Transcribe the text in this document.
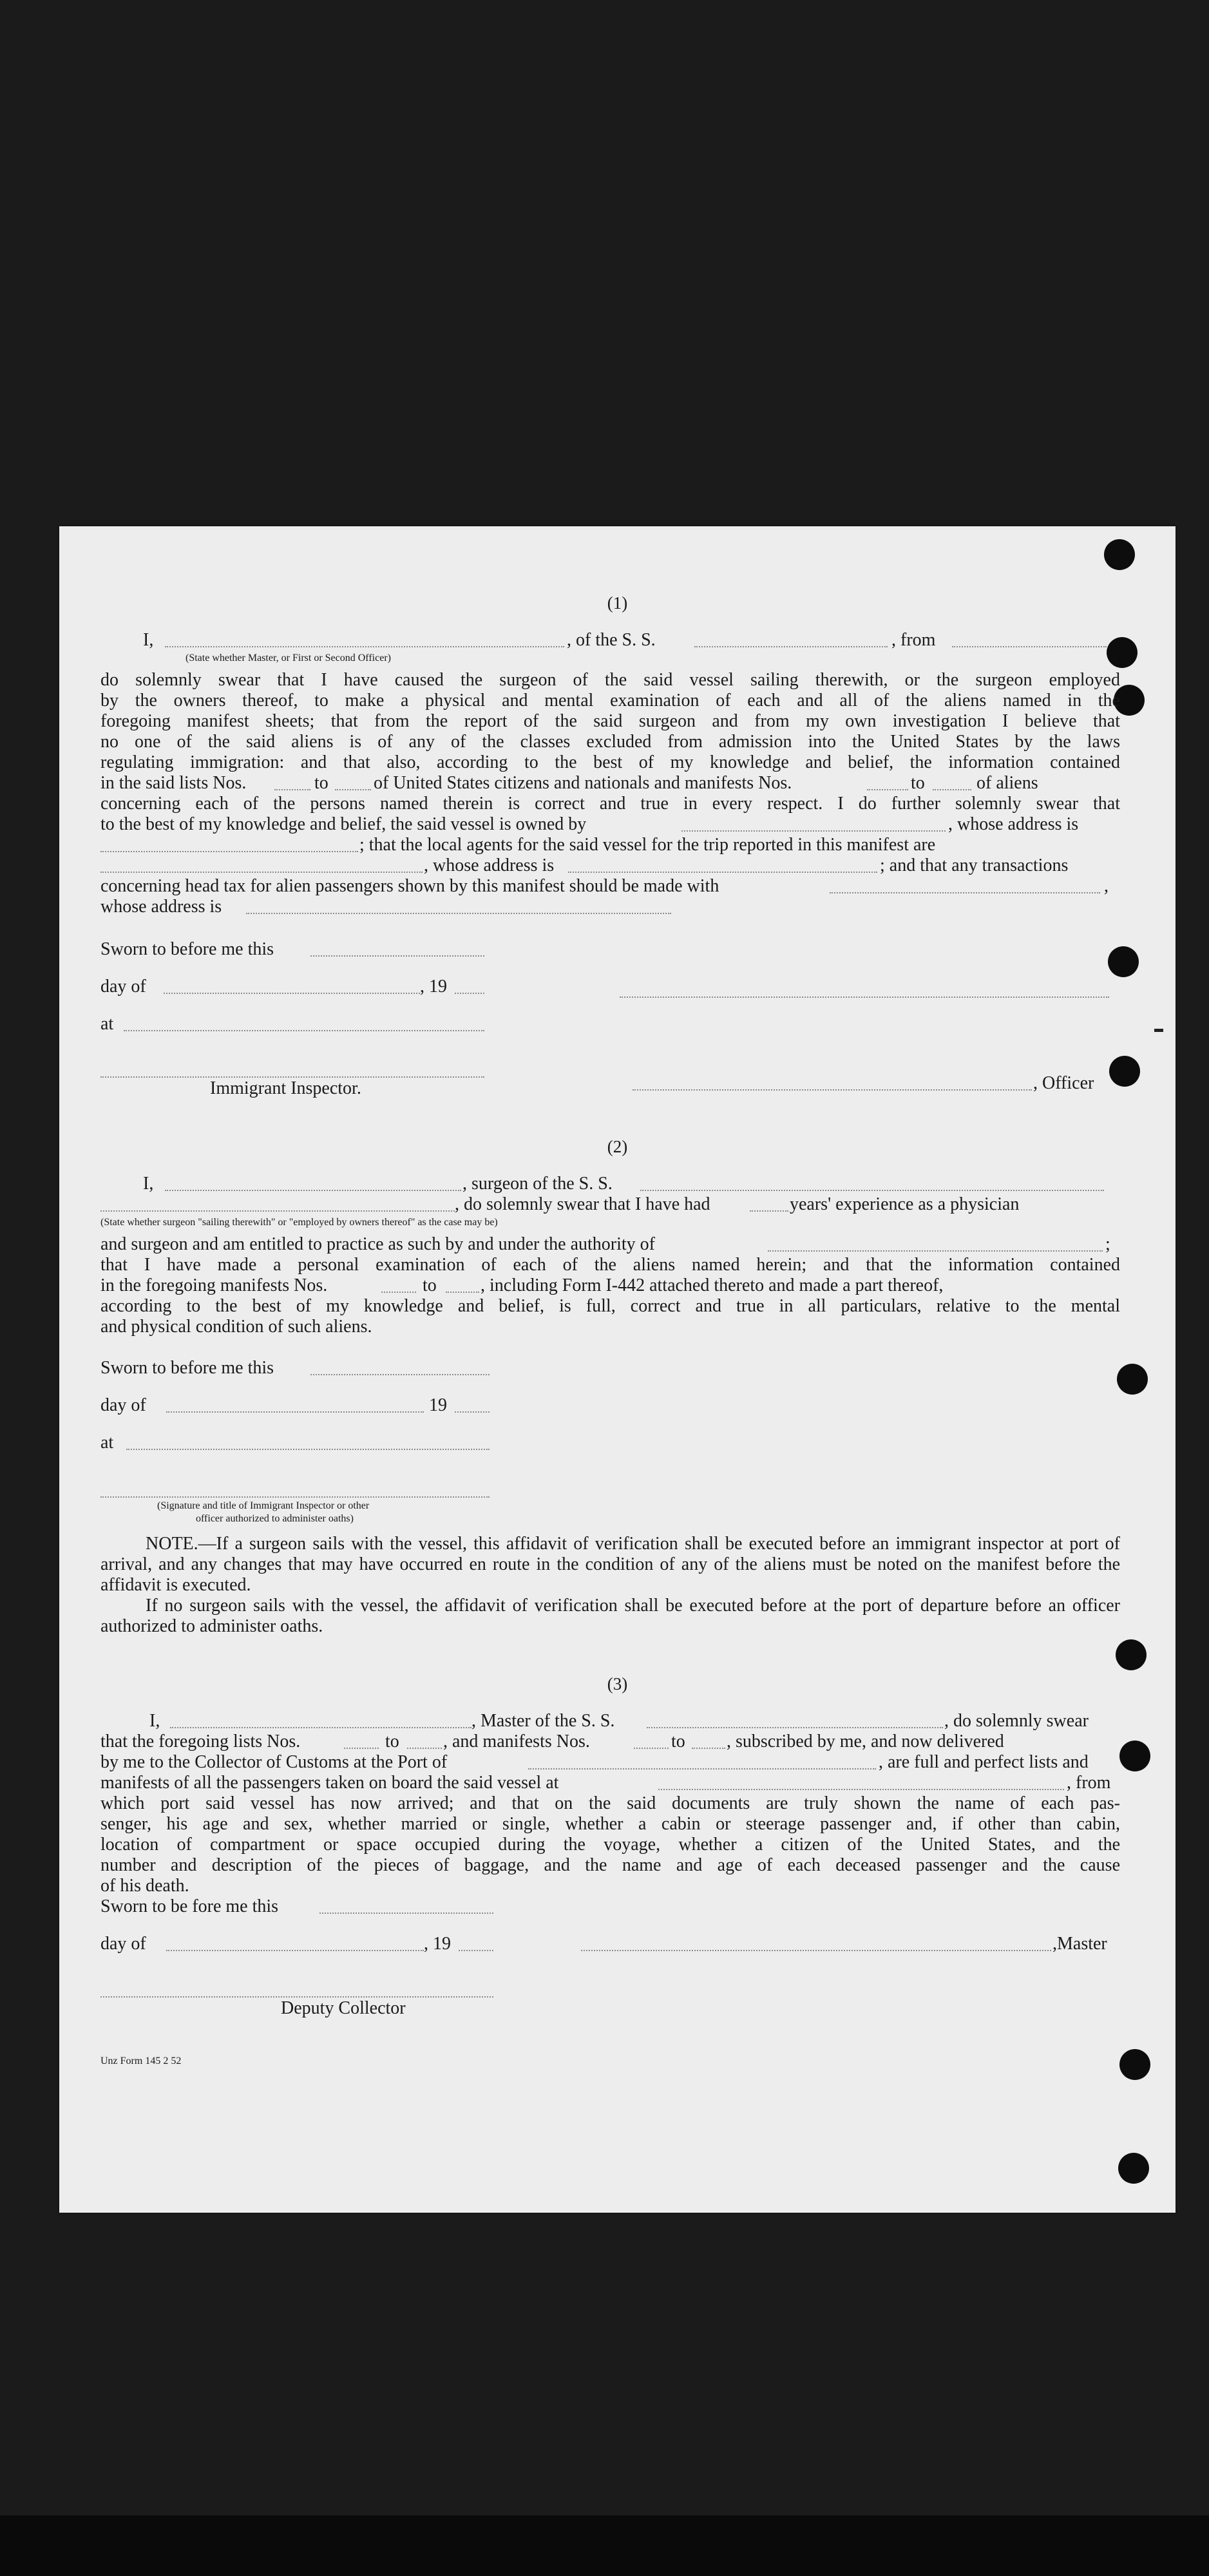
(1)
I,	, of the S. S.	, from
(State whether Master, or First or Second Officer)
do solemnly swear that I have caused the surgeon of the said vessel sailing therewith, or the surgeon employed
by the owners thereof, to make a physical and mental examination of each and all of the aliens named in the
foregoing manifest sheets; that from the report of the said surgeon and from my own investigation I believe that
no one of the said aliens is of any of the classes excluded from admission into the United States by the laws
regulating immigration: and that also, according to the best of my knowledge and belief, the information contained
in the said lists Nos.	to	of United States citizens and nationals and manifests Nos.	to	of aliens
concerning each of the persons named therein is correct and true in every respect. I do further solemnly swear that
to the best of my knowledge and belief, the said vessel is owned by	, whose address is
; that the local agents for the said vessel for the trip reported in this manifest are
, whose address is	; and that any transactions
concerning head tax for alien passengers shown by this manifest should be made with	,
whose address is
Sworn to before me this
day of	, 19
at
, Officer
Immigrant Inspector.
(2)
I,	, surgeon of the S. S.
, do solemnly swear that I have had	years' experience as a physician
(State whether surgeon "sailing therewith" or "employed by owners thereof" as the case may be)
and surgeon and am entitled to practice as such by and under the authority of	;
that I have made a personal examination of each of the aliens named herein; and that the information contained
in the foregoing manifests Nos.	to , including Form I-442 attached thereto and made a part thereof,
according to the best of my knowledge and belief, is full, correct and true in all particulars, relative to the mental
and physical condition of such aliens.
Sworn to before me this
day of	19
at
(Signature and title of Immigrant Inspector or other
officer authorized to administer oaths)
NOTE.—If a surgeon sails with the vessel, this affidavit of verification shall be executed before an immigrant inspector at port of arrival, and any changes that may have occurred en route in the condition of any of the aliens must be noted on the manifest before the affidavit is executed.
If no surgeon sails with the vessel, the affidavit of verification shall be executed before at the port of departure before an officer authorized to administer oaths.
(3)
I,	, Master of the S. S.	, do solemnly swear
that the foregoing lists Nos.	to , and manifests Nos.	to , subscribed by me, and now delivered
by me to the Collector of Customs at the Port of	, are full and perfect lists and
manifests of all the passengers taken on board the said vessel at	, from
which port said vessel has now arrived; and that on the said documents are truly shown the name of each pas-
senger, his age and sex, whether married or single, whether a cabin or steerage passenger and, if other than cabin,
location of compartment or space occupied during the voyage, whether a citizen of the United States, and the
number and description of the pieces of baggage, and the name and age of each deceased passenger and the cause
of his death.
Sworn to be fore me this
day of	, 19	,Master
Deputy Collector
Unz Form 145 2 52
